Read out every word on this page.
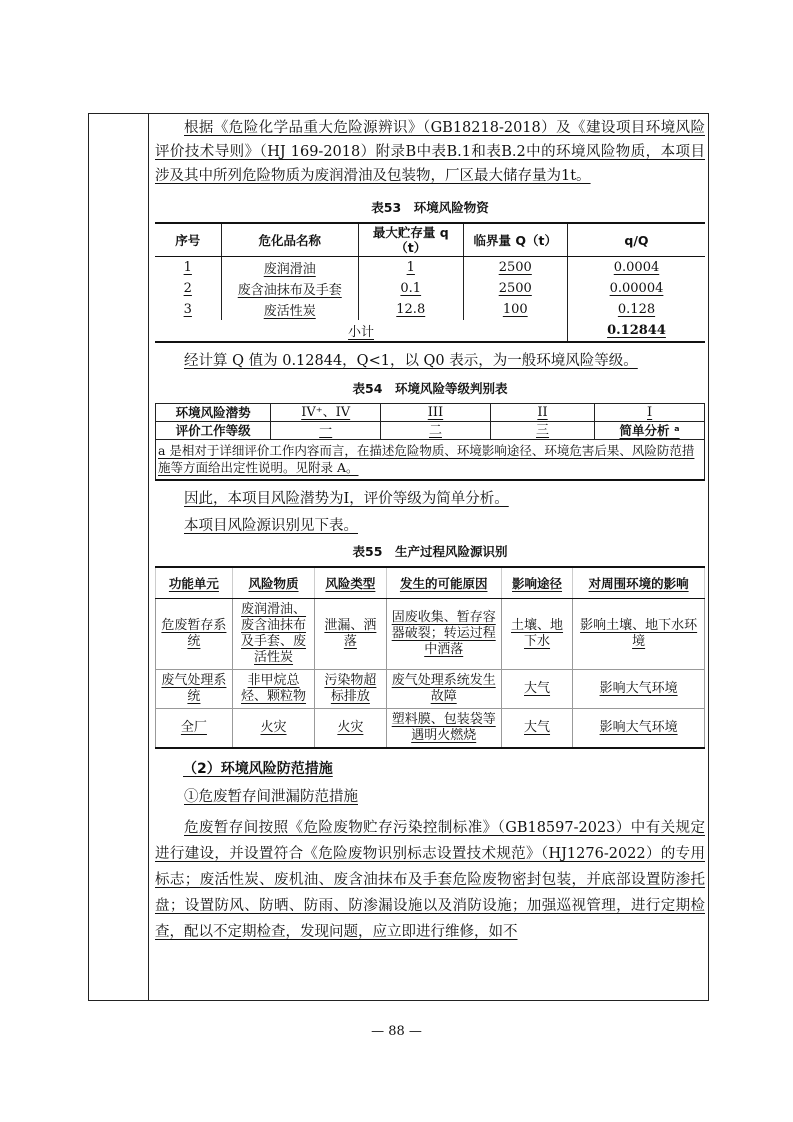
根据《危险化学品重大危险源辨识》（GB18218-2018）及《建设项目环境风险评价技术导则》（HJ 169-2018）附录B中表B.1和表B.2中的环境风险物质，本项目涉及其中所列危险物质为废润滑油及包装物，厂区最大储存量为1t。

表53　环境风险物资

序号	危化品名称	最大贮存量 q（t）	临界量 Q（t）	q/Q
1	废润滑油	1	2500	0.0004
2	废含油抹布及手套	0.1	2500	0.00004
3	废活性炭	12.8	100	0.128
小计				0.12844

经计算 Q 值为 0.12844，Q<1，以 Q0 表示，为一般环境风险等级。

表54　环境风险等级判别表

环境风险潜势	IV⁺、IV	III	II	I
评价工作等级	一	二	三	简单分析 ᵃ
a 是相对于详细评价工作内容而言，在描述危险物质、环境影响途径、环境危害后果、风险防范措施等方面给出定性说明。见附录 A。				

因此，本项目风险潜势为I，评价等级为简单分析。

本项目风险源识别见下表。

表55　生产过程风险源识别

功能单元	风险物质	风险类型	发生的可能原因	影响途径	对周围环境的影响
危废暂存系统	废润滑油、废含油抹布及手套、废活性炭	泄漏、洒落	固废收集、暂存容器破裂；转运过程中洒落	土壤、地下水	影响土壤、地下水环境
废气处理系统	非甲烷总烃、颗粒物	污染物超标排放	废气处理系统发生故障	大气	影响大气环境
全厂	火灾	火灾	塑料膜、包装袋等遇明火燃烧	大气	影响大气环境

（2）环境风险防范措施

①危废暂存间泄漏防范措施

危废暂存间按照《危险废物贮存污染控制标准》（GB18597-2023）中有关规定进行建设，并设置符合《危险废物识别标志设置技术规范》（HJ1276-2022）的专用标志；废活性炭、废机油、废含油抹布及手套危险废物密封包装，并底部设置防渗托盘；设置防风、防晒、防雨、防渗漏设施以及消防设施；加强巡视管理，进行定期检查，配以不定期检查，发现问题，应立即进行维修，如不

— 88 —
